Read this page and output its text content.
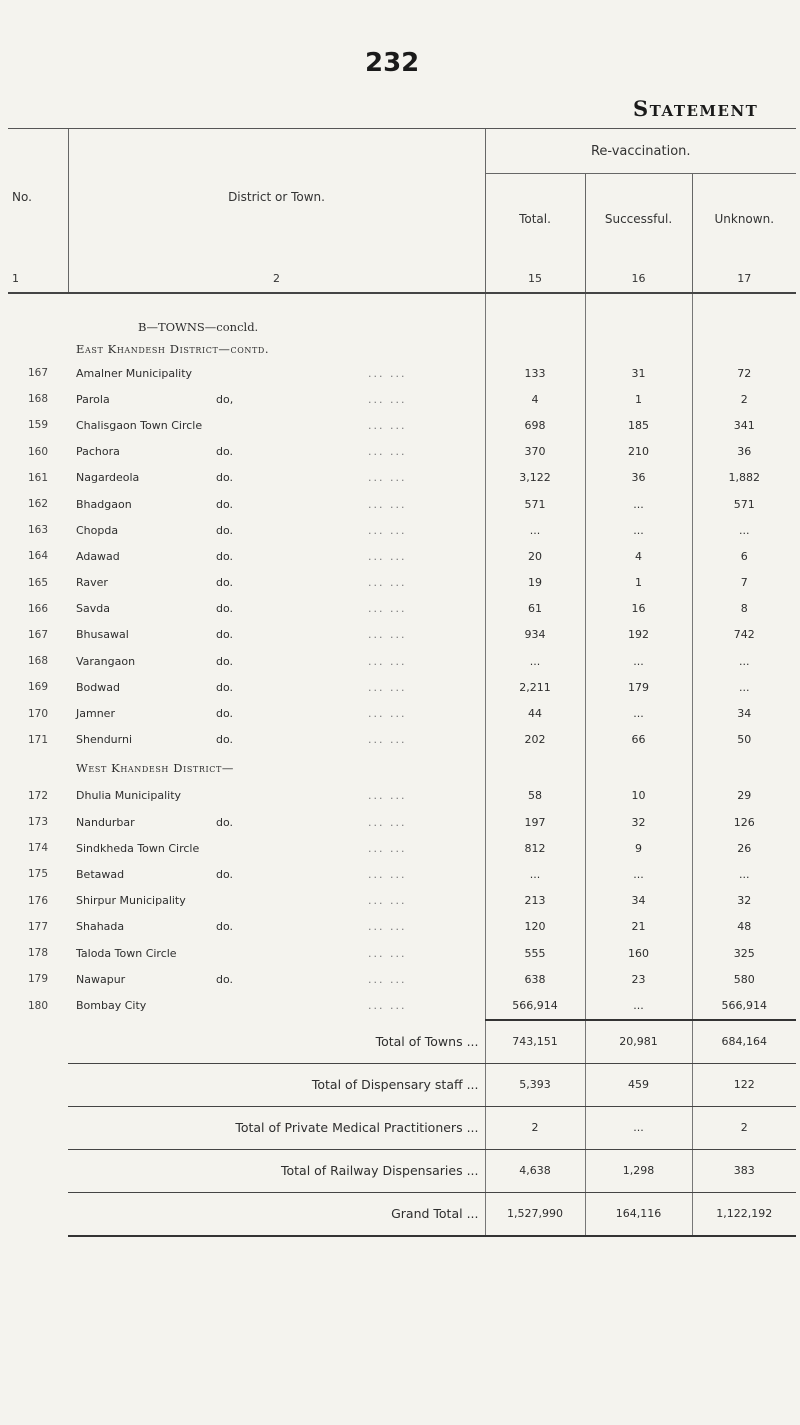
232
Statement

No.	District or Town.	Re-vaccination.		
		Total.	Successful.	Unknown.
1	2	15	16	17

	B—TOWNS—concld.			
	East Khandesh District—contd.			
167	Amalner Municipality ... ...	133	31	72
168	Parola do, ... ...	4	1	2
159	Chalisgaon Town Circle ... ...	698	185	341
160	Pachora do. ... ...	370	210	36
161	Nagardeola do. ... ...	3,122	36	1,882
162	Bhadgaon do. ... ...	571	...	571
163	Chopda do. ... ...	...	...	...
164	Adawad do. ... ...	20	4	6
165	Raver do. ... ...	19	1	7
166	Savda do. ... ...	61	16	8
167	Bhusawal do. ... ...	934	192	742
168	Varangaon do. ... ...	...	...	...
169	Bodwad do. ... ...	2,211	179	...
170	Jamner do. ... ...	44	...	34
171	Shendurni do. ... ...	202	66	50
	West Khandesh District—			
172	Dhulia Municipality ... ...	58	10	29
173	Nandurbar do. ... ...	197	32	126
174	Sindkheda Town Circle ... ...	812	9	26
175	Betawad do. ... ...	...	...	...
176	Shirpur Municipality ... ...	213	34	32
177	Shahada do. ... ...	120	21	48
178	Taloda Town Circle ... ...	555	160	325
179	Nawapur do. ... ...	638	23	580
180	Bombay City ... ...	566,914	...	566,914
	Total of Towns ...	743,151	20,981	684,164
	Total of Dispensary staff ...	5,393	459	122
	Total of Private Medical Practitioners ...	2	...	2
	Total of Railway Dispensaries ...	4,638	1,298	383
	Grand Total ...	1,527,990	164,116	1,122,192
